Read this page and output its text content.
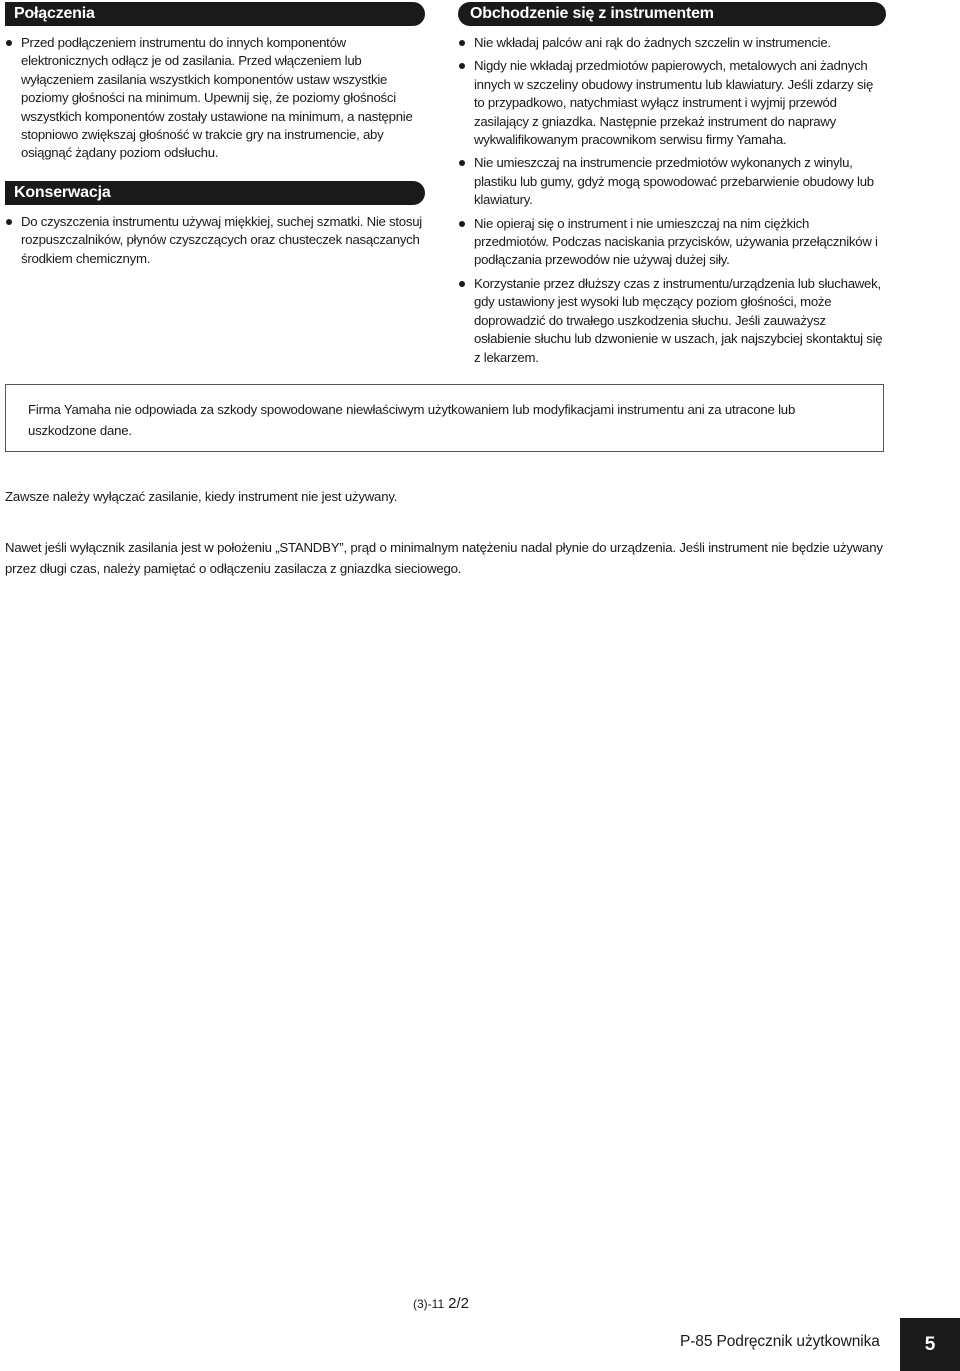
Połączenia
Przed podłączeniem instrumentu do innych komponentów elektronicznych odłącz je od zasilania. Przed włączeniem lub wyłączeniem zasilania wszystkich komponentów ustaw wszystkie poziomy głośności na minimum. Upewnij się, że poziomy głośności wszystkich komponentów zostały ustawione na minimum, a następnie stopniowo zwiększaj głośność w trakcie gry na instrumencie, aby osiągnąć żądany poziom odsłuchu.
Konserwacja
Do czyszczenia instrumentu używaj miękkiej, suchej szmatki. Nie stosuj rozpuszczalników, płynów czyszczących oraz chusteczek nasączanych środkiem chemicznym.
Obchodzenie się z instrumentem
Nie wkładaj palców ani rąk do żadnych szczelin w instrumencie.
Nigdy nie wkładaj przedmiotów papierowych, metalowych ani żadnych innych w szczeliny obudowy instrumentu lub klawiatury. Jeśli zdarzy się to przypadkowo, natychmiast wyłącz instrument i wyjmij przewód zasilający z gniazdka. Następnie przekaż instrument do naprawy wykwalifikowanym pracownikom serwisu firmy Yamaha.
Nie umieszczaj na instrumencie przedmiotów wykonanych z winylu, plastiku lub gumy, gdyż mogą spowodować przebarwienie obudowy lub klawiatury.
Nie opieraj się o instrument i nie umieszczaj na nim ciężkich przedmiotów. Podczas naciskania przycisków, używania przełączników i podłączania przewodów nie używaj dużej siły.
Korzystanie przez dłuższy czas z instrumentu/urządzenia lub słuchawek, gdy ustawiony jest wysoki lub męczący poziom głośności, może doprowadzić do trwałego uszkodzenia słuchu. Jeśli zauważysz osłabienie słuchu lub dzwonienie w uszach, jak najszybciej skontaktuj się z lekarzem.
Firma Yamaha nie odpowiada za szkody spowodowane niewłaściwym użytkowaniem lub modyfikacjami instrumentu ani za utracone lub uszkodzone dane.
Zawsze należy wyłączać zasilanie, kiedy instrument nie jest używany.
Nawet jeśli wyłącznik zasilania jest w położeniu „STANDBY”, prąd o minimalnym natężeniu nadal płynie do urządzenia. Jeśli instrument nie będzie używany przez długi czas, należy pamiętać o odłączeniu zasilacza z gniazdka sieciowego.
(3)-11 2/2
P-85 Podręcznik użytkownika	5
